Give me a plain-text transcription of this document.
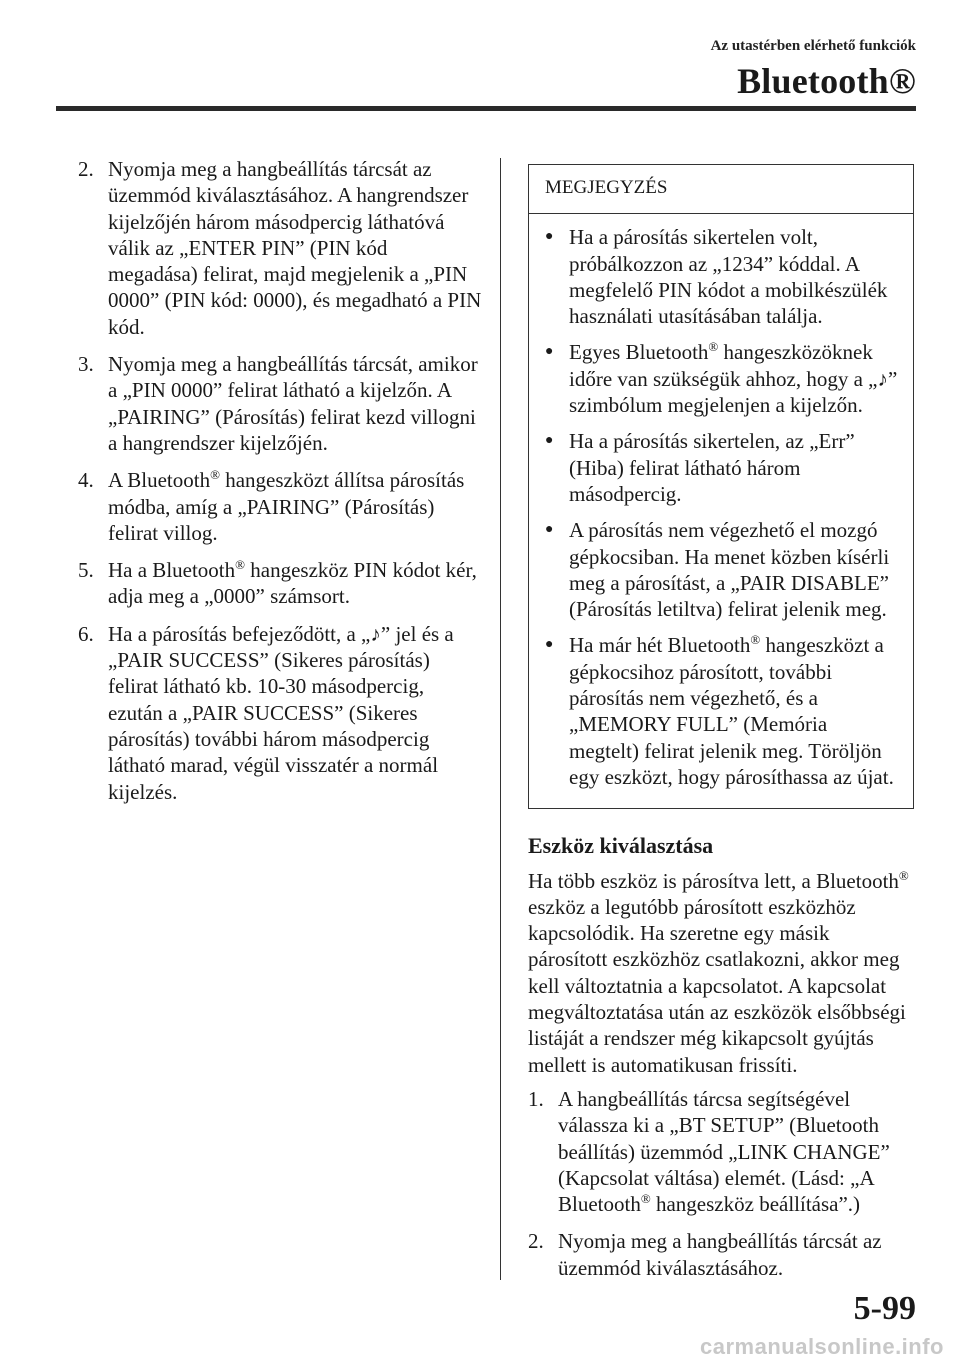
Az utastérben elérhető funkciók
Bluetooth®
2. Nyomja meg a hangbeállítás tárcsát az üzemmód kiválasztásához. A hangrendszer kijelzőjén három másodpercig láthatóvá válik az „ENTER PIN” (PIN kód megadása) felirat, majd megjelenik a „PIN 0000” (PIN kód: 0000), és megadható a PIN kód.
3. Nyomja meg a hangbeállítás tárcsát, amikor a „PIN 0000” felirat látható a kijelzőn. A „PAIRING” (Párosítás) felirat kezd villogni a hangrendszer kijelzőjén.
4. A Bluetooth® hangeszközt állítsa párosítás módba, amíg a „PAIRING” (Párosítás) felirat villog.
5. Ha a Bluetooth® hangeszköz PIN kódot kér, adja meg a „0000” számsort.
6. Ha a párosítás befejeződött, a „♪” jel és a „PAIR SUCCESS” (Sikeres párosítás) felirat látható kb. 10-30 másodpercig, ezután a „PAIR SUCCESS” (Sikeres párosítás) további három másodpercig látható marad, végül visszatér a normál kijelzés.
MEGJEGYZÉS
● Ha a párosítás sikertelen volt, próbálkozzon az „1234” kóddal. A megfelelő PIN kódot a mobilkészülék használati utasításában találja.
● Egyes Bluetooth® hangeszközöknek időre van szükségük ahhoz, hogy a „♪” szimbólum megjelenjen a kijelzőn.
● Ha a párosítás sikertelen, az „Err” (Hiba) felirat látható három másodpercig.
● A párosítás nem végezhető el mozgó gépkocsiban. Ha menet közben kísérli meg a párosítást, a „PAIR DISABLE” (Párosítás letiltva) felirat jelenik meg.
● Ha már hét Bluetooth® hangeszközt a gépkocsihoz párosított, további párosítás nem végezhető, és a „MEMORY FULL” (Memória megtelt) felirat jelenik meg. Töröljön egy eszközt, hogy párosíthassa az újat.
Eszköz kiválasztása
Ha több eszköz is párosítva lett, a Bluetooth® eszköz a legutóbb párosított eszközhöz kapcsolódik. Ha szeretne egy másik párosított eszközhöz csatlakozni, akkor meg kell változtatnia a kapcsolatot. A kapcsolat megváltoztatása után az eszközök elsőbbségi listáját a rendszer még kikapcsolt gyújtás mellett is automatikusan frissíti.
1. A hangbeállítás tárcsa segítségével válassza ki a „BT SETUP” (Bluetooth beállítás) üzemmód „LINK CHANGE” (Kapcsolat váltása) elemét. (Lásd: „A Bluetooth® hangeszköz beállítása”.)
2. Nyomja meg a hangbeállítás tárcsát az üzemmód kiválasztásához.
5-99
carmanualsonline.info
